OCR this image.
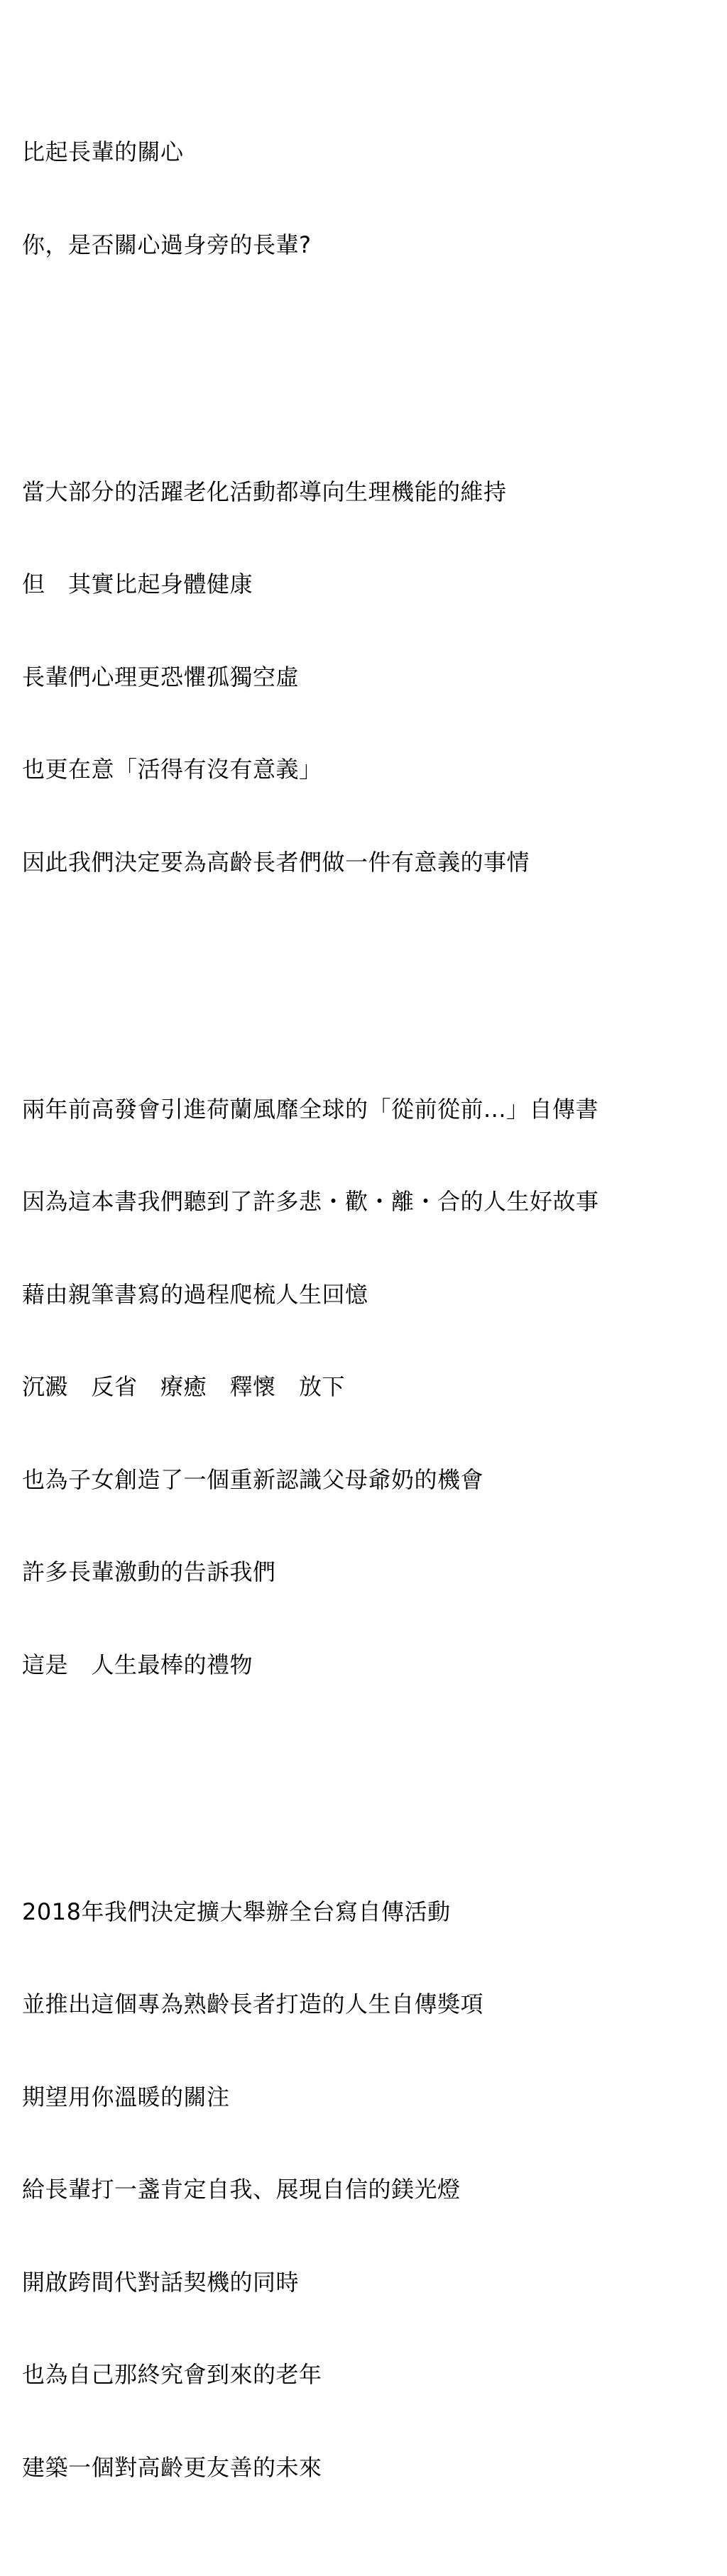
比起長輩的關心

你，是否關心過身旁的長輩?

當大部分的活躍老化活動都導向生理機能的維持

但　其實比起身體健康

長輩們心理更恐懼孤獨空虛

也更在意「活得有沒有意義」

因此我們決定要為高齡長者們做一件有意義的事情

兩年前高發會引進荷蘭風靡全球的「從前從前...」自傳書

因為這本書我們聽到了許多悲・歡・離・合的人生好故事

藉由親筆書寫的過程爬梳人生回憶

沉澱　反省　療癒　釋懷　放下

也為子女創造了一個重新認識父母爺奶的機會

許多長輩激動的告訴我們

這是　人生最棒的禮物

2018年我們決定擴大舉辦全台寫自傳活動

並推出這個專為熟齡長者打造的人生自傳獎項

期望用你溫暖的關注

給長輩打一盞肯定自我、展現自信的鎂光燈

開啟跨間代對話契機的同時

也為自己那終究會到來的老年

建築一個對高齡更友善的未來
